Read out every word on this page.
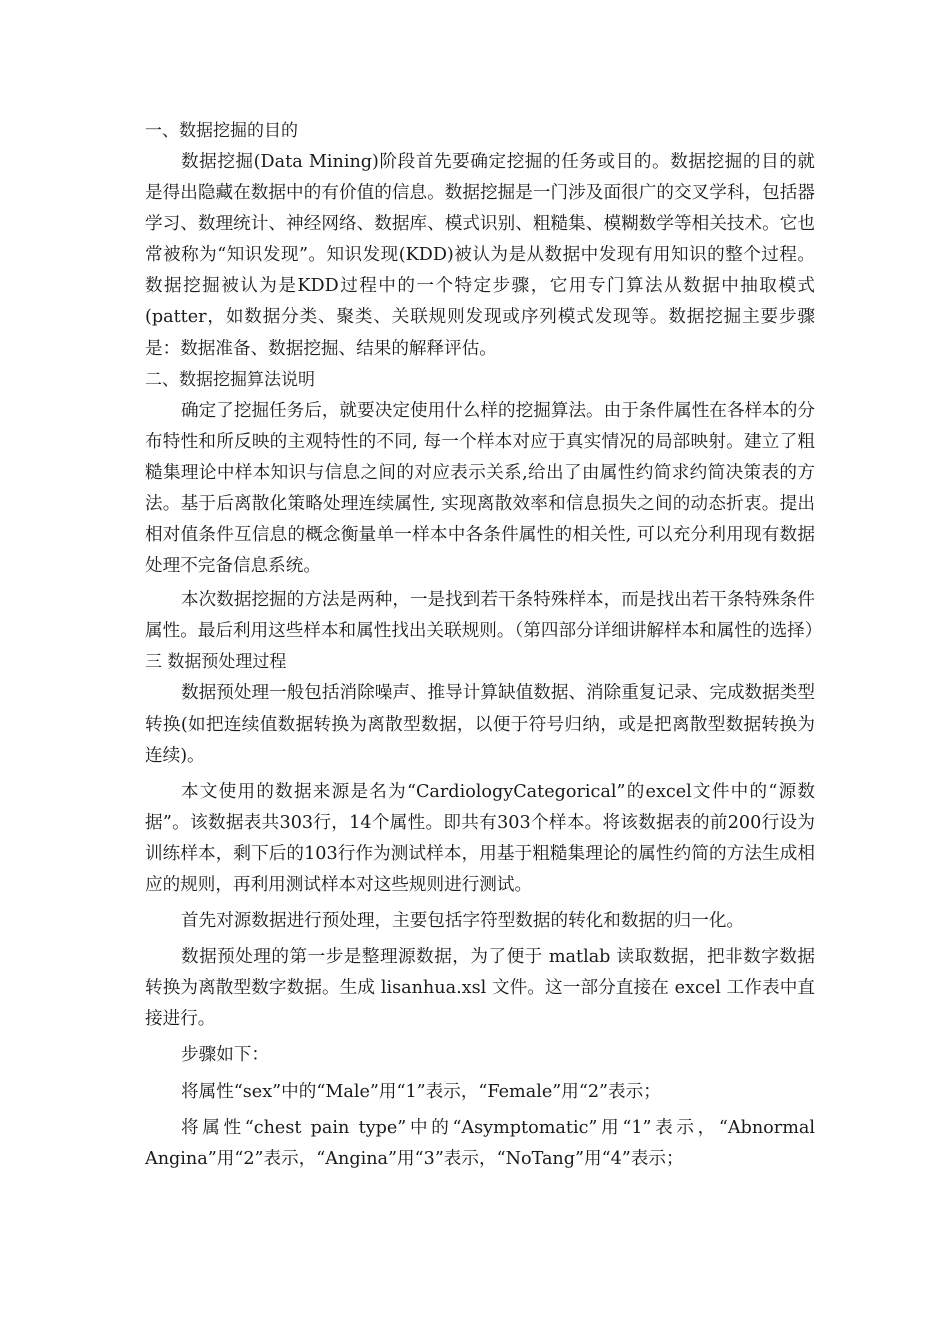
一、数据挖掘的目的

数据挖掘(Data Mining)阶段首先要确定挖掘的任务或目的。数据挖掘的目的就是得出隐藏在数据中的有价值的信息。数据挖掘是一门涉及面很广的交叉学科，包括器学习、数理统计、神经网络、数据库、模式识别、粗糙集、模糊数学等相关技术。它也常被称为“知识发现”。知识发现(KDD)被认为是从数据中发现有用知识的整个过程。数据挖掘被认为是KDD过程中的一个特定步骤，它用专门算法从数据中抽取模式(patter，如数据分类、聚类、关联规则发现或序列模式发现等。数据挖掘主要步骤是：数据准备、数据挖掘、结果的解释评估。

二、数据挖掘算法说明

确定了挖掘任务后，就要决定使用什么样的挖掘算法。由于条件属性在各样本的分布特性和所反映的主观特性的不同, 每一个样本对应于真实情况的局部映射。建立了粗糙集理论中样本知识与信息之间的对应表示关系,给出了由属性约简求约简决策表的方法。基于后离散化策略处理连续属性, 实现离散效率和信息损失之间的动态折衷。提出相对值条件互信息的概念衡量单一样本中各条件属性的相关性, 可以充分利用现有数据处理不完备信息系统。

本次数据挖掘的方法是两种，一是找到若干条特殊样本，而是找出若干条特殊条件属性。最后利用这些样本和属性找出关联规则。（第四部分详细讲解样本和属性的选择）

三 数据预处理过程

数据预处理一般包括消除噪声、推导计算缺值数据、消除重复记录、完成数据类型转换(如把连续值数据转换为离散型数据，以便于符号归纳，或是把离散型数据转换为连续)。

本文使用的数据来源是名为“CardiologyCategorical”的excel文件中的“源数据”。该数据表共303行，14个属性。即共有303个样本。将该数据表的前200行设为训练样本，剩下后的103行作为测试样本，用基于粗糙集理论的属性约简的方法生成相应的规则，再利用测试样本对这些规则进行测试。

首先对源数据进行预处理，主要包括字符型数据的转化和数据的归一化。

数据预处理的第一步是整理源数据，为了便于 matlab 读取数据，把非数字数据转换为离散型数字数据。生成 lisanhua.xsl 文件。这一部分直接在 excel 工作表中直接进行。

步骤如下：

将属性“sex”中的“Male”用“1”表示，“Female”用“2”表示；

将属性“chest pain type”中的“Asymptomatic”用“1”表示，“Abnormal Angina”用“2”表示，“Angina”用“3”表示，“NoTang”用“4”表示；
